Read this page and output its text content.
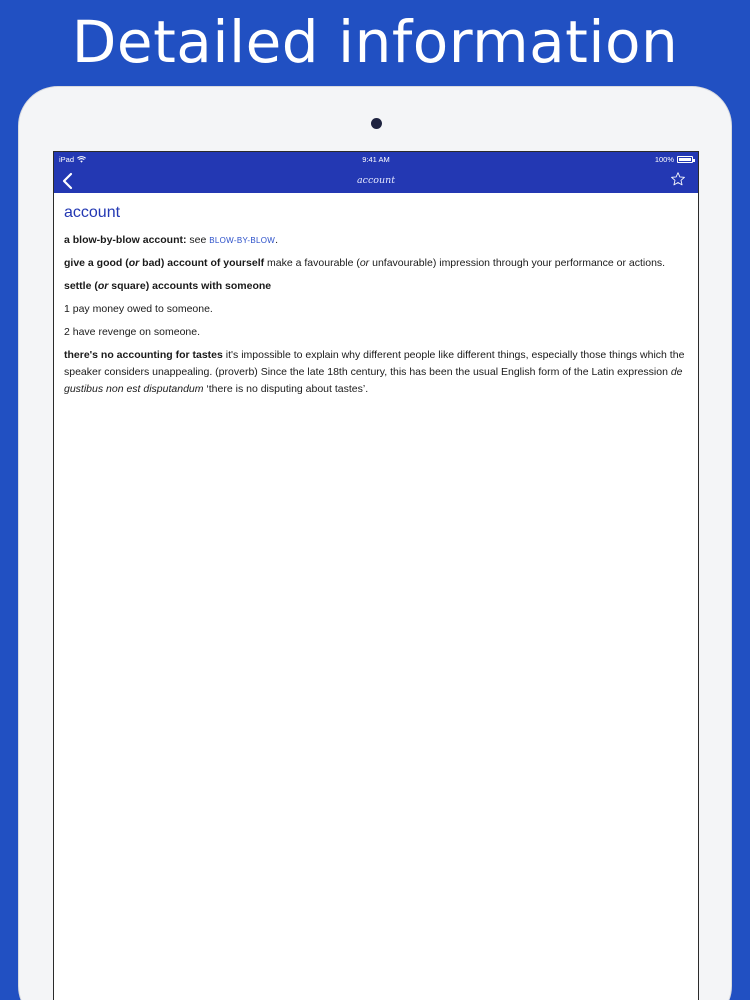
Detailed information
iPad	9:41 AM	100%
account
account

a blow-by-blow account: see BLOW-BY-BLOW.

give a good (or bad) account of yourself make a favourable (or unfavourable) impression through your performance or actions.

settle (or square) accounts with someone

1 pay money owed to someone.

2 have revenge on someone.

there's no accounting for tastes it's impossible to explain why different people like different things, especially those things which the speaker considers unappealing. (proverb) Since the late 18th century, this has been the usual English form of the Latin expression de gustibus non est disputandum ‘there is no disputing about tastes’.
